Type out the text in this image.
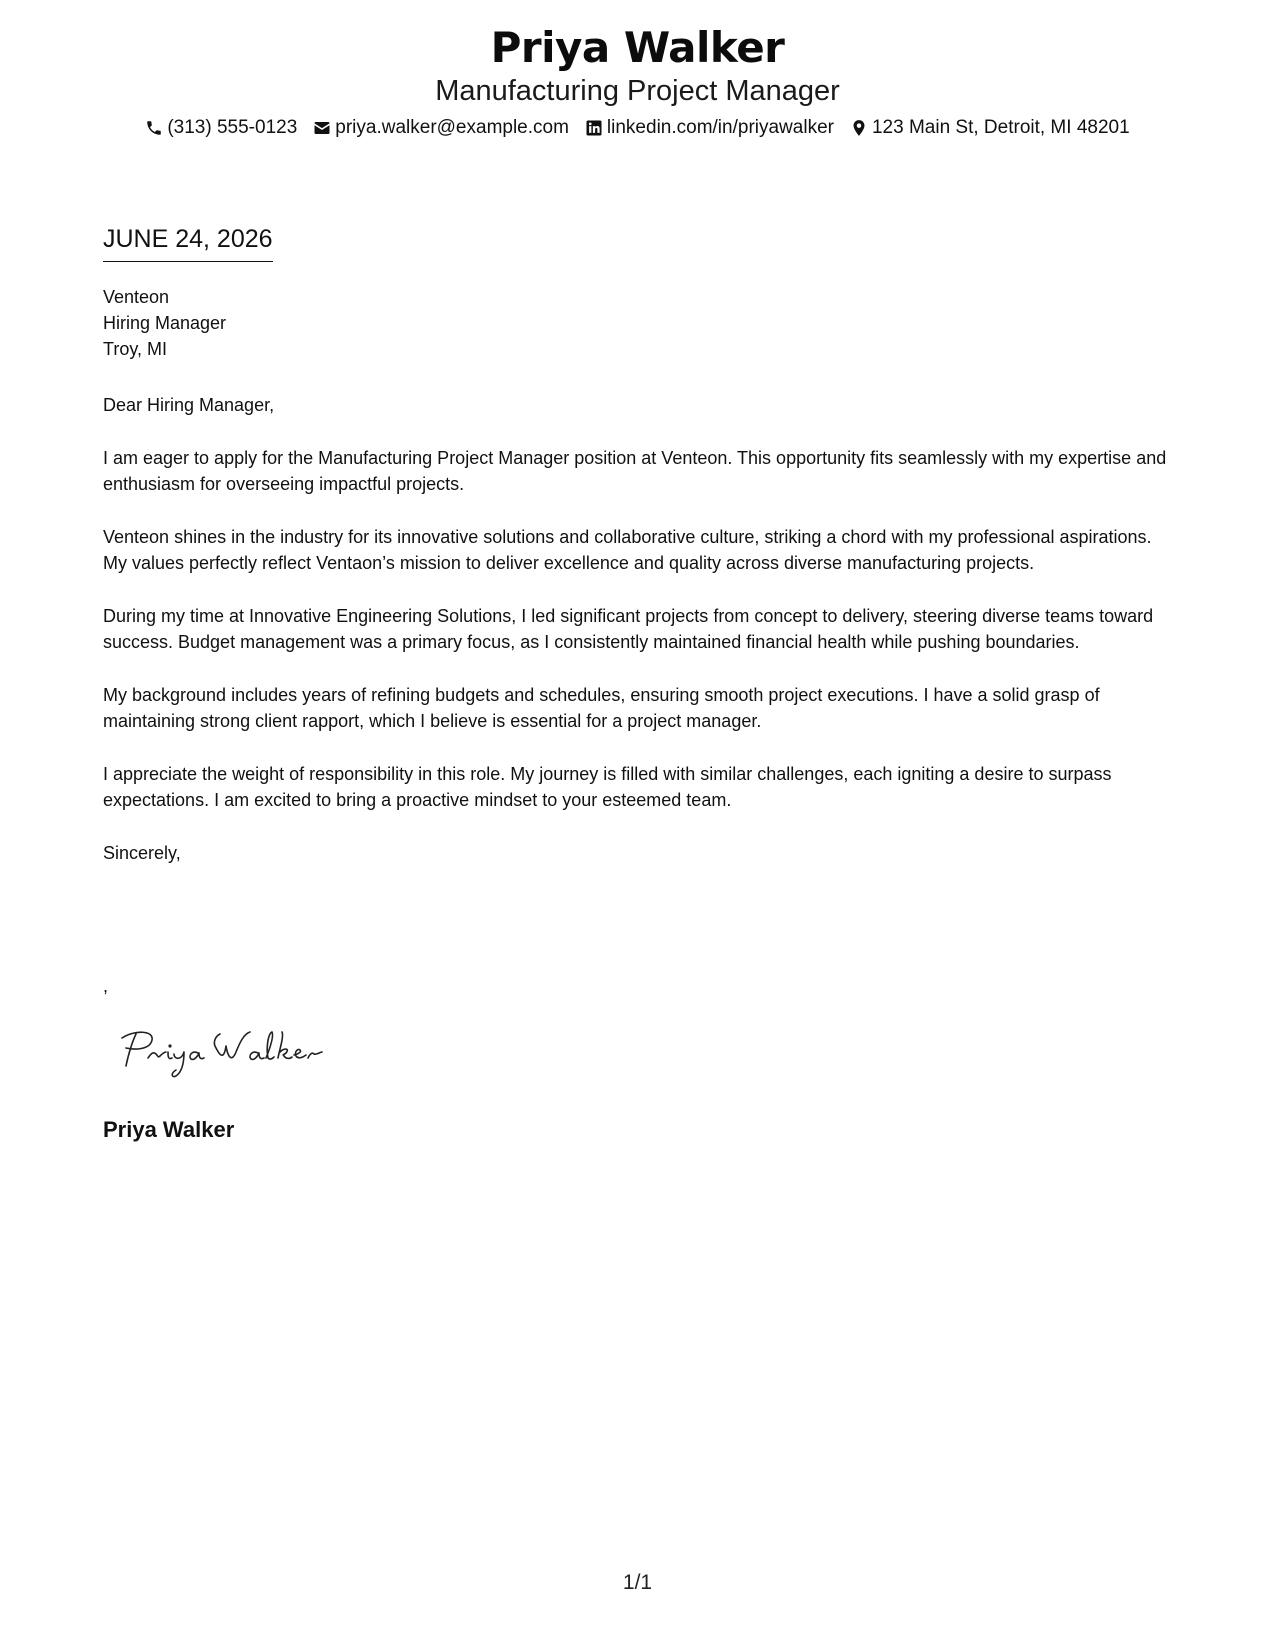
Priya Walker
Manufacturing Project Manager
(313) 555-0123 priya.walker@example.com linkedin.com/in/priyawalker 123 Main St, Detroit, MI 48201
JUNE 24, 2026
Venteon
Hiring Manager
Troy, MI

Dear Hiring Manager,

I am eager to apply for the Manufacturing Project Manager position at Venteon. This opportunity fits seamlessly with my expertise and enthusiasm for overseeing impactful projects.

Venteon shines in the industry for its innovative solutions and collaborative culture, striking a chord with my professional aspirations. My values perfectly reflect Ventaon’s mission to deliver excellence and quality across diverse manufacturing projects.

During my time at Innovative Engineering Solutions, I led significant projects from concept to delivery, steering diverse teams toward success. Budget management was a primary focus, as I consistently maintained financial health while pushing boundaries.

My background includes years of refining budgets and schedules, ensuring smooth project executions. I have a solid grasp of maintaining strong client rapport, which I believe is essential for a project manager.

I appreciate the weight of responsibility in this role. My journey is filled with similar challenges, each igniting a desire to surpass expectations. I am excited to bring a proactive mindset to your esteemed team.

Sincerely,

,
Priya Walker
1/1
